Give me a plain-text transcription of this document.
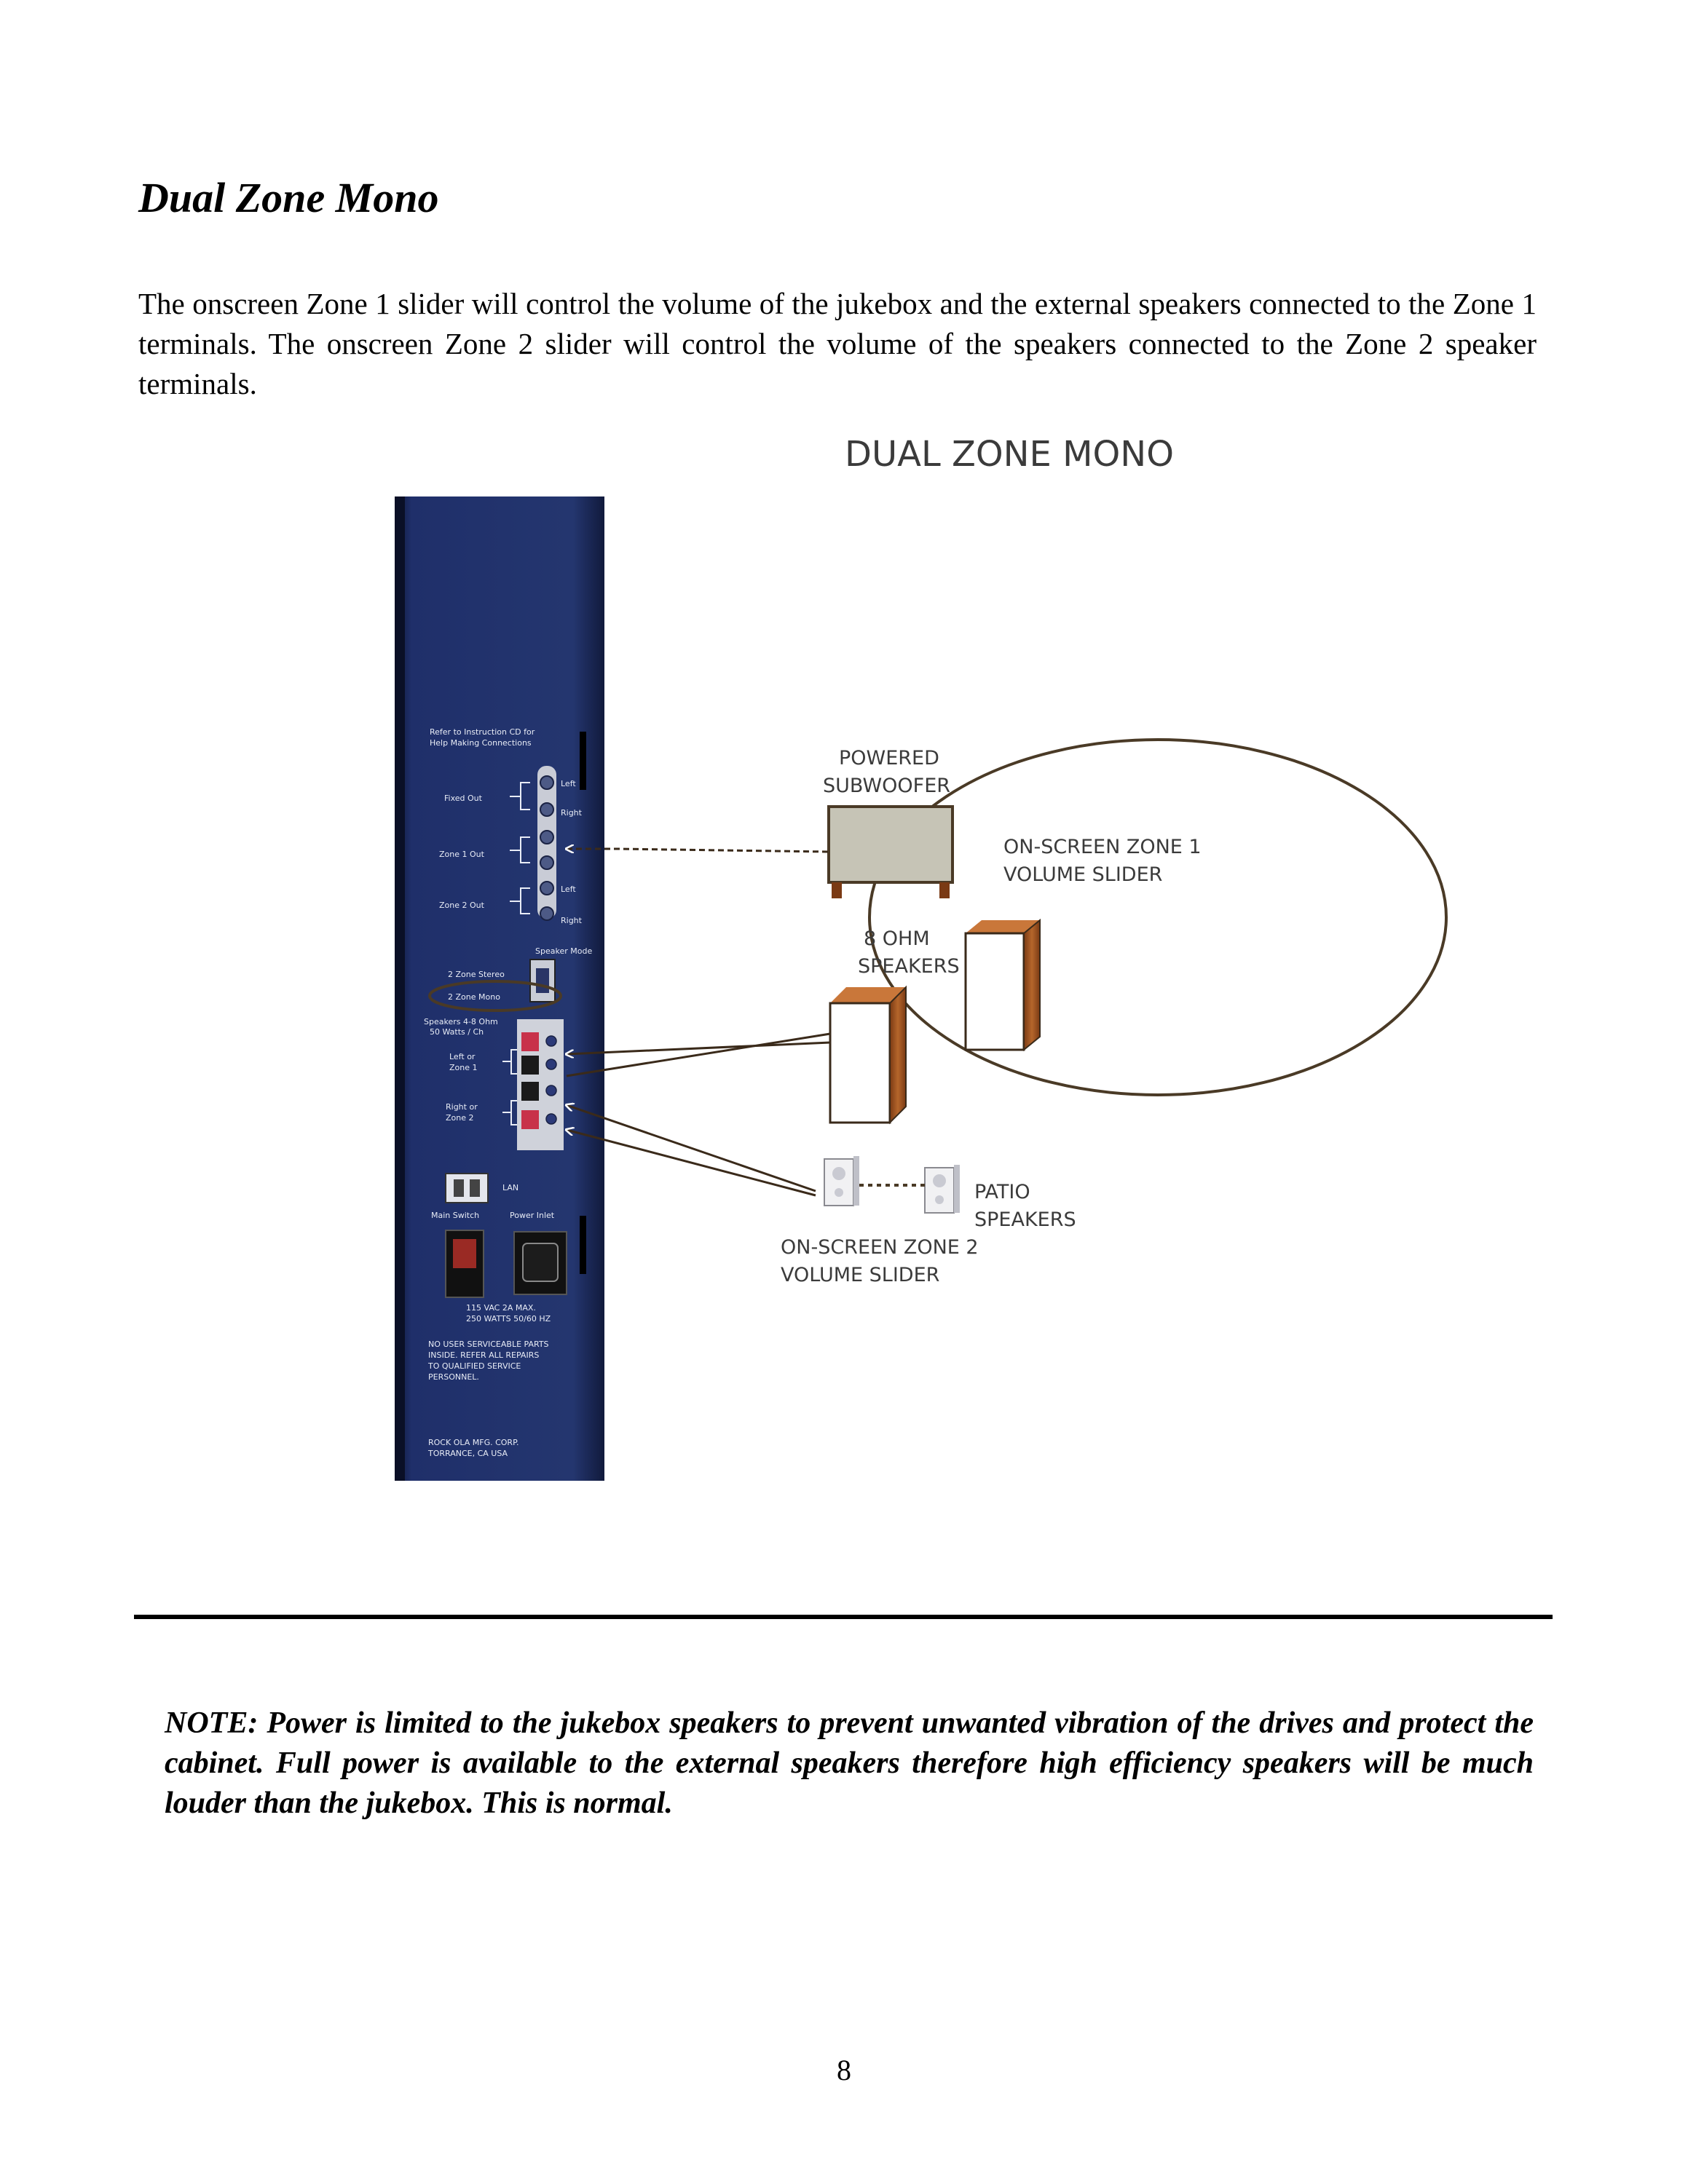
Dual Zone Mono

The onscreen Zone 1 slider will control the volume of the jukebox and the external speakers connected to the Zone 1 terminals. The onscreen Zone 2 slider will control the volume of the speakers connected to the Zone 2 speaker terminals.

DUAL ZONE MONO
Refer to Instruction CD for
Help Making Connections
Fixed Out
Zone 1 Out
Zone 2 Out
Left
Right
Left
Right
Speaker Mode
2 Zone Stereo
2 Zone Mono
Speakers 4-8 Ohm
50 Watts / Ch
Left or
Zone 1
Right or
Zone 2
LAN
Main Switch	Power Inlet
115 VAC 2A MAX.
250 WATTS 50/60 HZ
NO USER SERVICEABLE PARTS
INSIDE. REFER ALL REPAIRS
TO QUALIFIED SERVICE
PERSONNEL.
ROCK OLA MFG. CORP.
TORRANCE, CA USA
POWERED
SUBWOOFER
ON-SCREEN ZONE 1
VOLUME SLIDER
8 OHM
SPEAKERS
PATIO
SPEAKERS
ON-SCREEN ZONE 2
VOLUME SLIDER

NOTE: Power is limited to the jukebox speakers to prevent unwanted vibration of the drives and protect the cabinet. Full power is available to the external speakers therefore high efficiency speakers will be much louder than the jukebox. This is normal.

8
